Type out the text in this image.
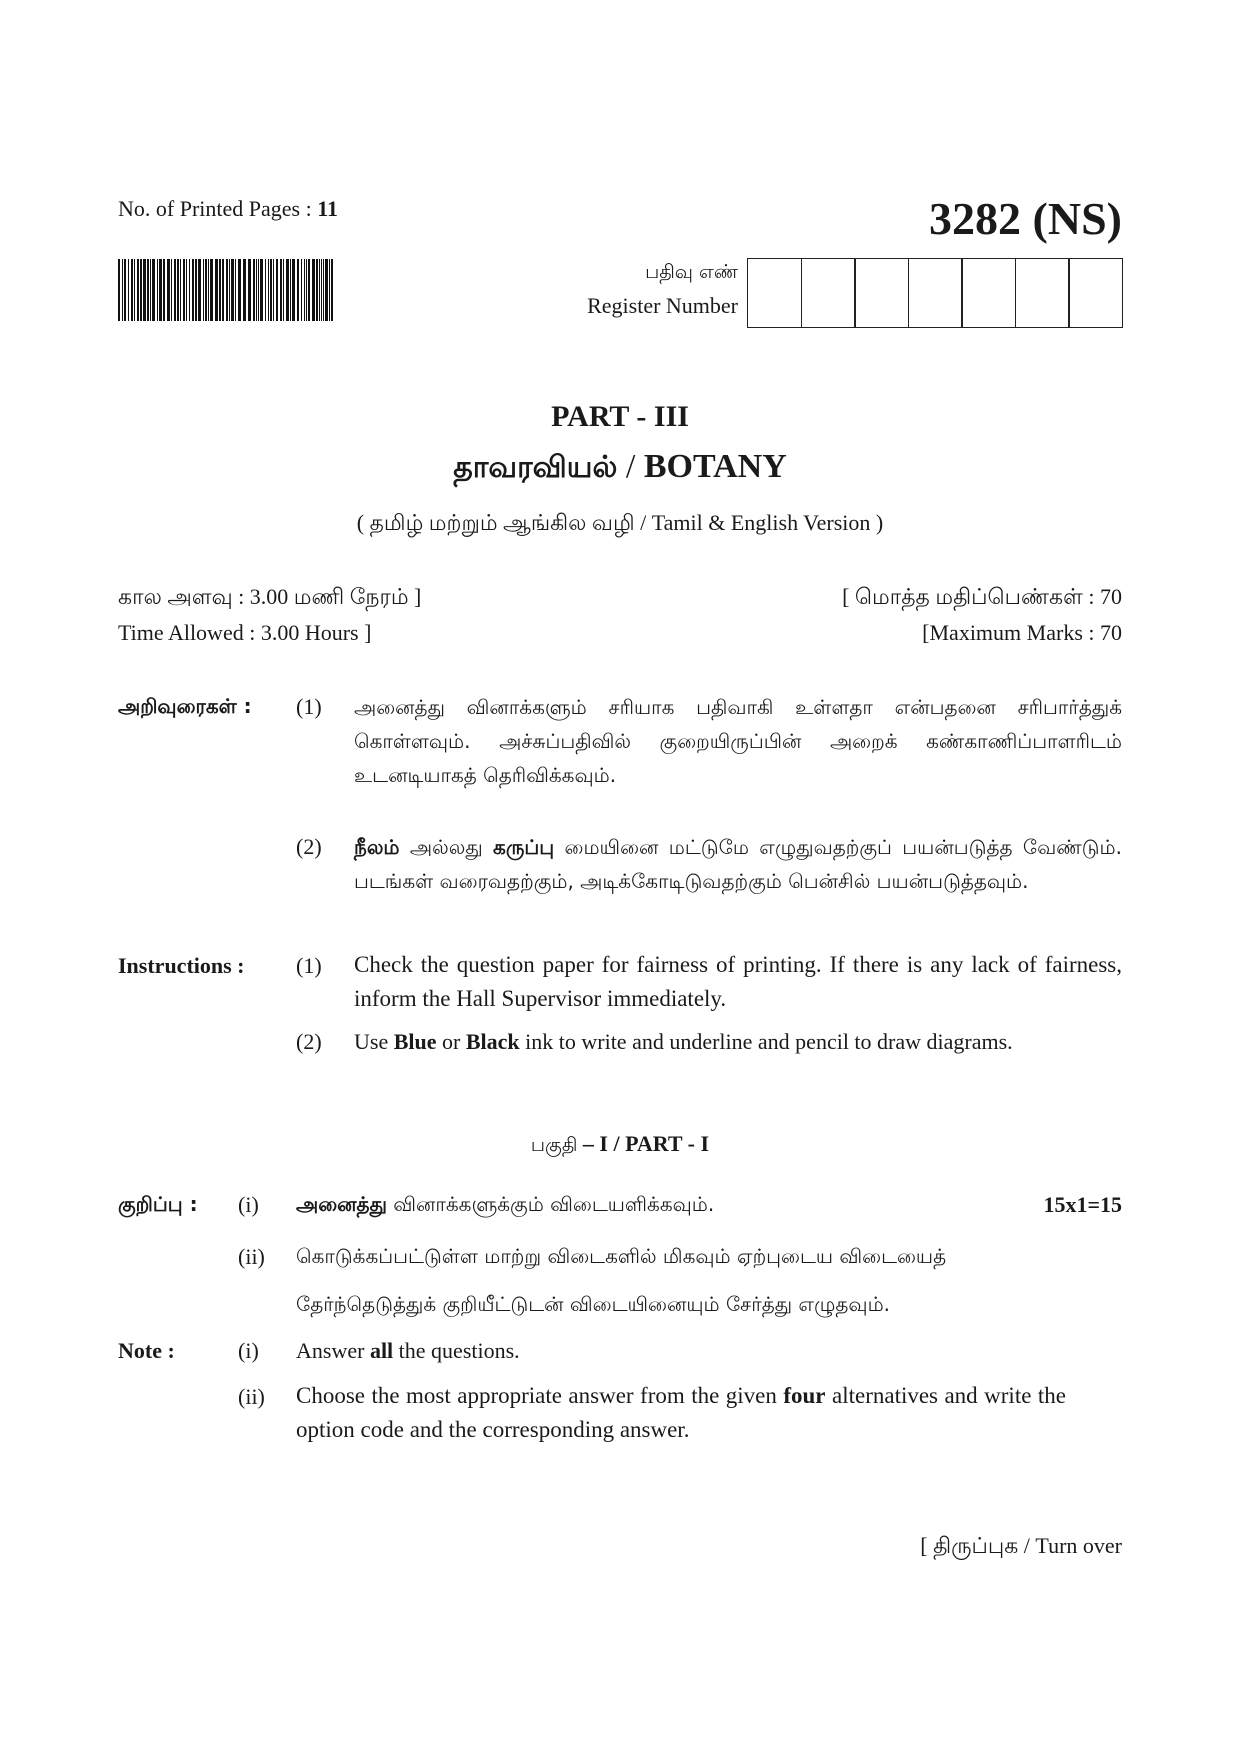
No. of Printed Pages : 11	3282 (NS)
பதிவு எண்
Register Number
PART - III
தாவரவியல் / BOTANY
( தமிழ் மற்றும் ஆங்கில வழி / Tamil & English Version )
கால அளவு : 3.00 மணி நேரம் ]
Time Allowed : 3.00 Hours ]
[ மொத்த மதிப்பெண்கள் : 70
[Maximum Marks : 70
அறிவுரைகள் : (1) அனைத்து வினாக்களும் சரியாக பதிவாகி உள்ளதா என்பதனை சரிபார்த்துக் கொள்ளவும். அச்சுப்பதிவில் குறையிருப்பின் அறைக் கண்காணிப்பாளரிடம் உடனடியாகத் தெரிவிக்கவும்.
(2) நீலம் அல்லது கருப்பு மையினை மட்டுமே எழுதுவதற்குப் பயன்படுத்த வேண்டும். படங்கள் வரைவதற்கும், அடிக்கோடிடுவதற்கும் பென்சில் பயன்படுத்தவும்.
Instructions : (1) Check the question paper for fairness of printing. If there is any lack of fairness, inform the Hall Supervisor immediately.
(2) Use Blue or Black ink to write and underline and pencil to draw diagrams.
பகுதி – I / PART - I
குறிப்பு : (i) அனைத்து வினாக்களுக்கும் விடையளிக்கவும்.	15x1=15
(ii) கொடுக்கப்பட்டுள்ள மாற்று விடைகளில் மிகவும் ஏற்புடைய விடையைத்
தேர்ந்தெடுத்துக் குறியீட்டுடன் விடையினையும் சேர்த்து எழுதவும்.
Note :	(i) Answer all the questions.
(ii) Choose the most appropriate answer from the given four alternatives and write the option code and the corresponding answer.
[ திருப்புக / Turn over
